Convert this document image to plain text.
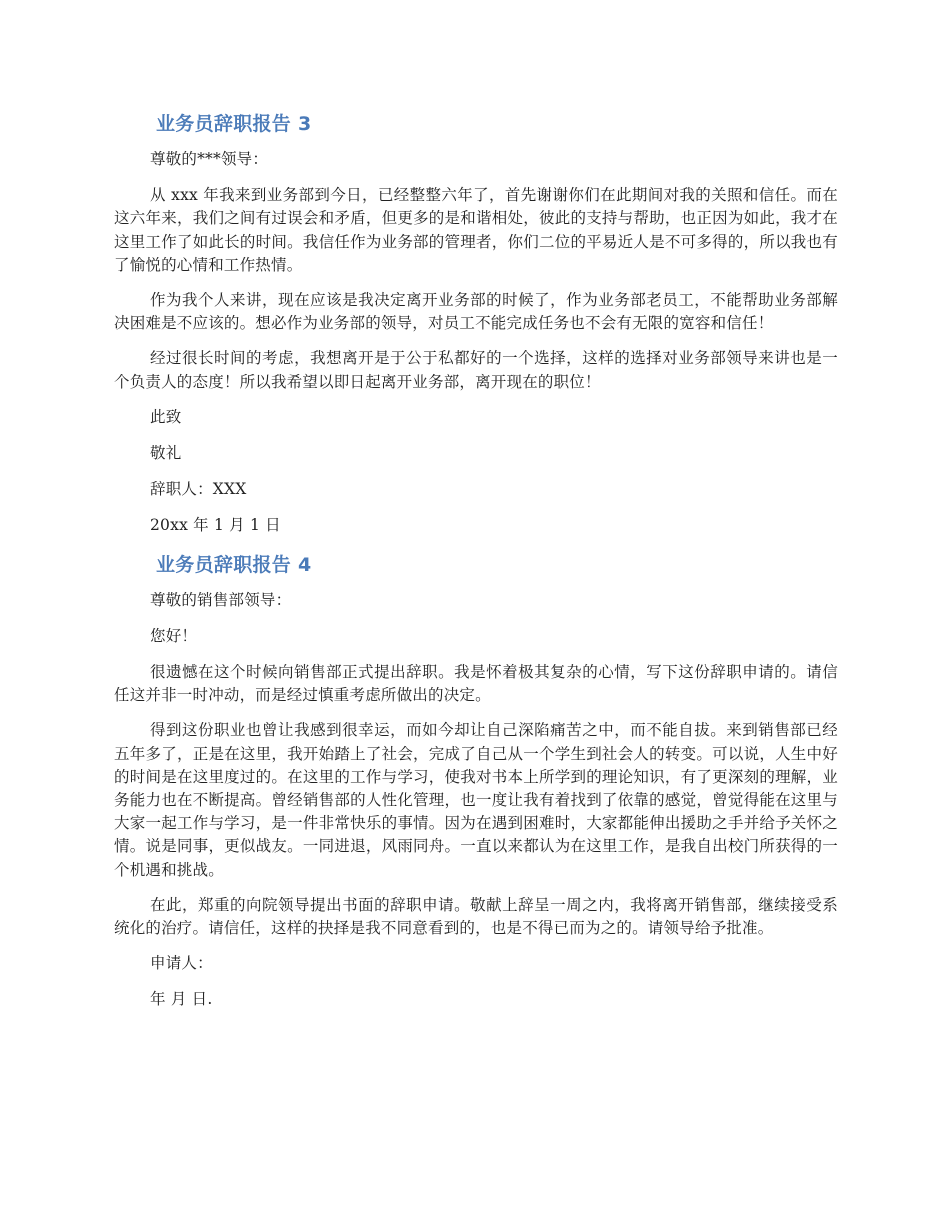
业务员辞职报告 3

尊敬的***领导：

从 xxx 年我来到业务部到今日，已经整整六年了，首先谢谢你们在此期间对我的关照和信任。而在这六年来，我们之间有过误会和矛盾，但更多的是和谐相处，彼此的支持与帮助，也正因为如此，我才在这里工作了如此长的时间。我信任作为业务部的管理者，你们二位的平易近人是不可多得的，所以我也有了愉悦的心情和工作热情。

作为我个人来讲，现在应该是我决定离开业务部的时候了，作为业务部老员工，不能帮助业务部解决困难是不应该的。想必作为业务部的领导，对员工不能完成任务也不会有无限的宽容和信任！

经过很长时间的考虑，我想离开是于公于私都好的一个选择，这样的选择对业务部领导来讲也是一个负责人的态度！所以我希望以即日起离开业务部，离开现在的职位！

此致

敬礼

辞职人：XXX

20xx 年 1 月 1 日

业务员辞职报告 4

尊敬的销售部领导：

您好！

很遗憾在这个时候向销售部正式提出辞职。我是怀着极其复杂的心情，写下这份辞职申请的。请信任这并非一时冲动，而是经过慎重考虑所做出的决定。

得到这份职业也曾让我感到很幸运，而如今却让自己深陷痛苦之中，而不能自拔。来到销售部已经五年多了，正是在这里，我开始踏上了社会，完成了自己从一个学生到社会人的转变。可以说，人生中好的时间是在这里度过的。在这里的工作与学习，使我对书本上所学到的理论知识，有了更深刻的理解，业务能力也在不断提高。曾经销售部的人性化管理，也一度让我有着找到了依靠的感觉，曾觉得能在这里与大家一起工作与学习，是一件非常快乐的事情。因为在遇到困难时，大家都能伸出援助之手并给予关怀之情。说是同事，更似战友。一同进退，风雨同舟。一直以来都认为在这里工作，是我自出校门所获得的一个机遇和挑战。

在此，郑重的向院领导提出书面的辞职申请。敬献上辞呈一周之内，我将离开销售部，继续接受系统化的治疗。请信任，这样的抉择是我不同意看到的，也是不得已而为之的。请领导给予批准。

申请人：

年 月 日.
